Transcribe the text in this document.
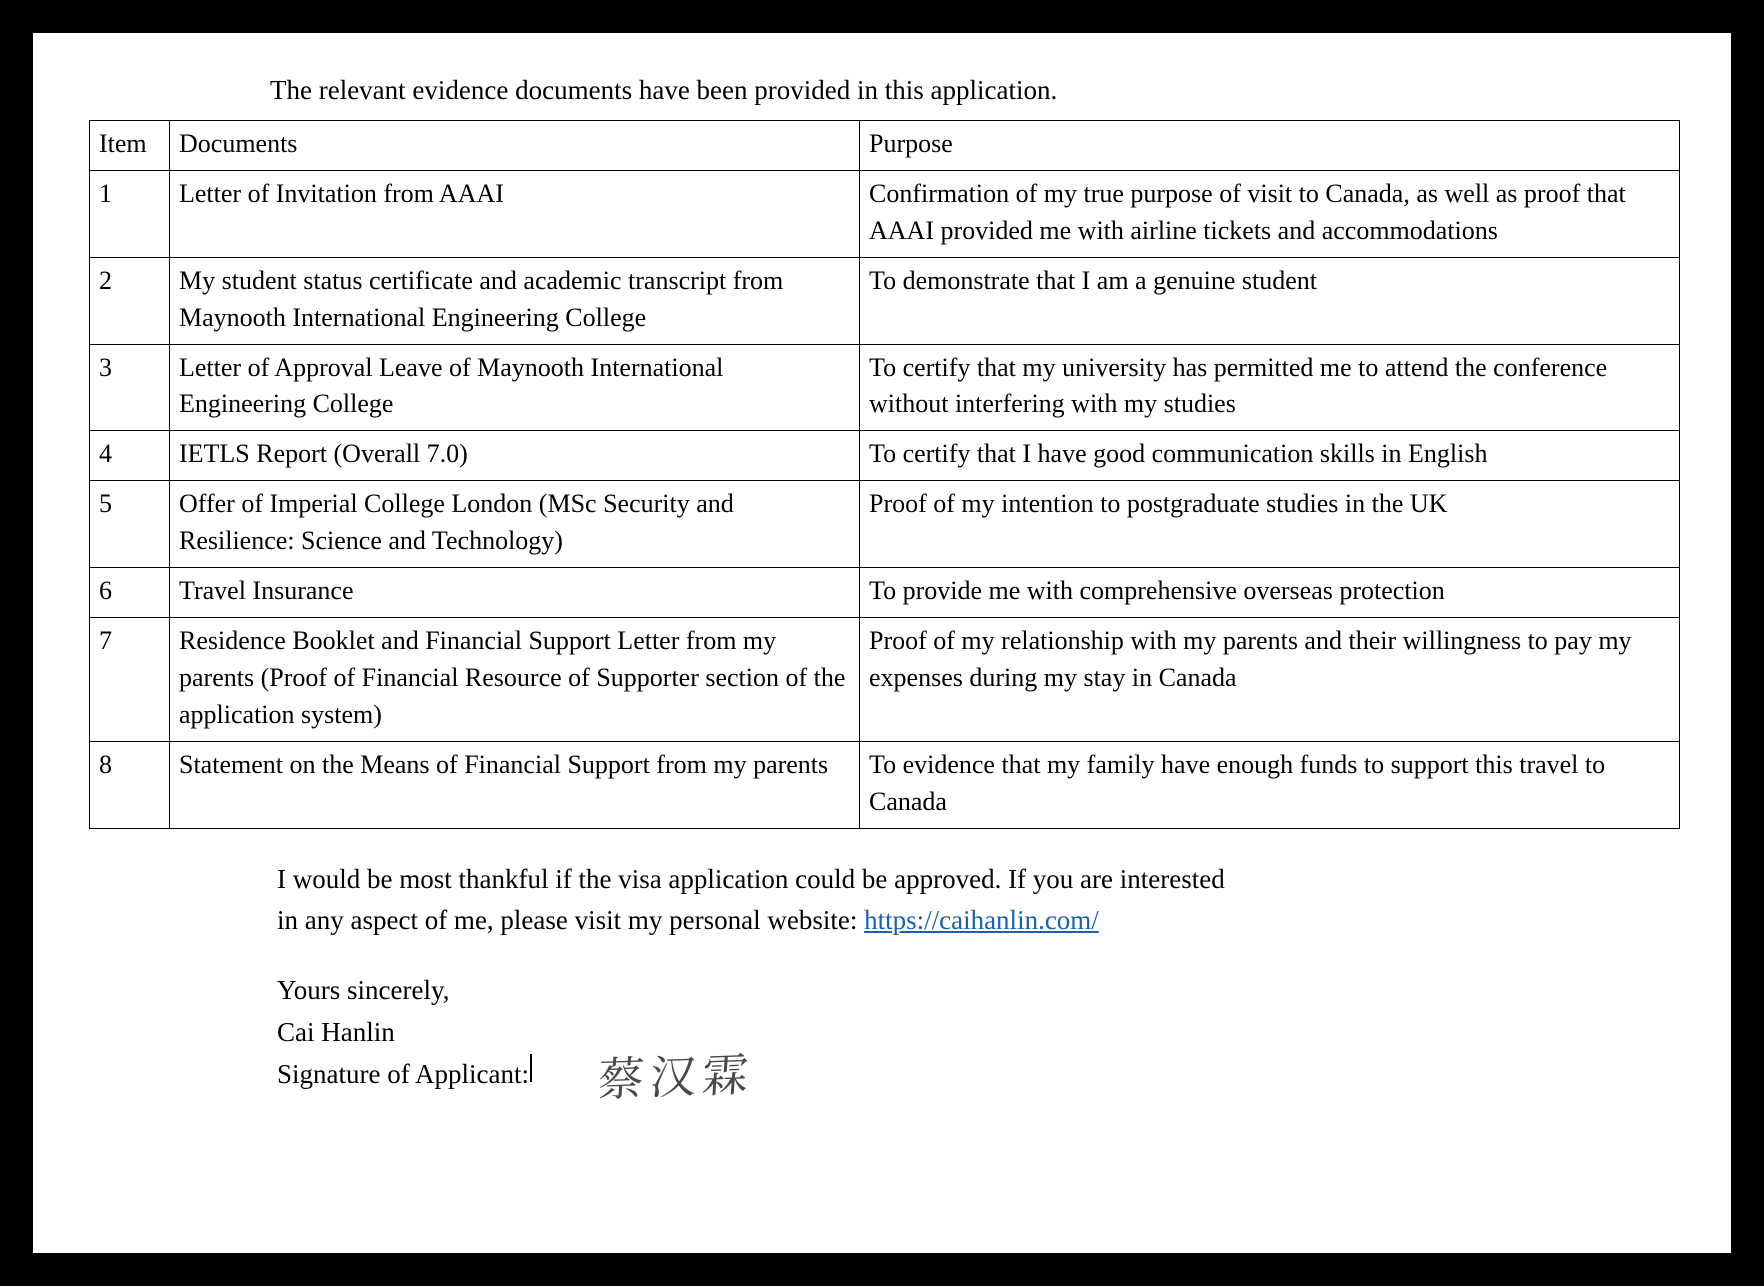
The relevant evidence documents have been provided in this application.
Item	Documents	Purpose
1	Letter of Invitation from AAAI	Confirmation of my true purpose of visit to Canada, as well as proof that AAAI provided me with airline tickets and accommodations
2	My student status certificate and academic transcript from Maynooth International Engineering College	To demonstrate that I am a genuine student
3	Letter of Approval Leave of Maynooth International Engineering College	To certify that my university has permitted me to attend the conference without interfering with my studies
4	IETLS Report (Overall 7.0)	To certify that I have good communication skills in English
5	Offer of Imperial College London (MSc Security and Resilience: Science and Technology)	Proof of my intention to postgraduate studies in the UK
6	Travel Insurance	To provide me with comprehensive overseas protection
7	Residence Booklet and Financial Support Letter from my parents (Proof of Financial Resource of Supporter section of the application system)	Proof of my relationship with my parents and their willingness to pay my expenses during my stay in Canada
8	Statement on the Means of Financial Support from my parents	To evidence that my family have enough funds to support this travel to Canada
I would be most thankful if the visa application could be approved. If you are interested
in any aspect of me, please visit my personal website: https://caihanlin.com/
Yours sincerely,
Cai Hanlin
Signature of Applicant: 蔡汉霖
